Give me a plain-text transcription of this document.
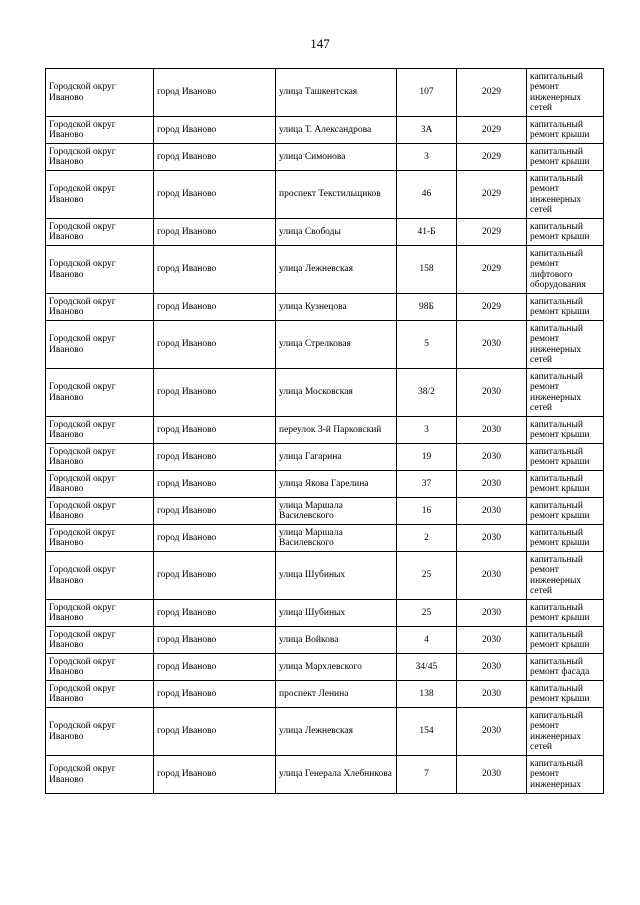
147
Городской округ Иваново	город Иваново	улица Ташкентская	107	2029	капитальный ремонт инженерных сетей
Городской округ Иваново	город Иваново	улица Т. Александрова	3А	2029	капитальный ремонт крыши
Городской округ Иваново	город Иваново	улица Симонова	3	2029	капитальный ремонт крыши
Городской округ Иваново	город Иваново	проспект Текстильщиков	46	2029	капитальный ремонт инженерных сетей
Городской округ Иваново	город Иваново	улица Свободы	41-Б	2029	капитальный ремонт крыши
Городской округ Иваново	город Иваново	улица Лежневская	158	2029	капитальный ремонт лифтового оборудования
Городской округ Иваново	город Иваново	улица Кузнецова	98Б	2029	капитальный ремонт крыши
Городской округ Иваново	город Иваново	улица Стрелковая	5	2030	капитальный ремонт инженерных сетей
Городской округ Иваново	город Иваново	улица Московская	38/2	2030	капитальный ремонт инженерных сетей
Городской округ Иваново	город Иваново	переулок 3-й Парковский	3	2030	капитальный ремонт крыши
Городской округ Иваново	город Иваново	улица Гагарина	19	2030	капитальный ремонт крыши
Городской округ Иваново	город Иваново	улица Якова Гарелина	37	2030	капитальный ремонт крыши
Городской округ Иваново	город Иваново	улица Маршала Василевского	16	2030	капитальный ремонт крыши
Городской округ Иваново	город Иваново	улица Маршала Василевского	2	2030	капитальный ремонт крыши
Городской округ Иваново	город Иваново	улица Шубиных	25	2030	капитальный ремонт инженерных сетей
Городской округ Иваново	город Иваново	улица Шубиных	25	2030	капитальный ремонт крыши
Городской округ Иваново	город Иваново	улица Войкова	4	2030	капитальный ремонт крыши
Городской округ Иваново	город Иваново	улица Мархлевского	34/45	2030	капитальный ремонт фасада
Городской округ Иваново	город Иваново	проспект Ленина	138	2030	капитальный ремонт крыши
Городской округ Иваново	город Иваново	улица Лежневская	154	2030	капитальный ремонт инженерных сетей
Городской округ Иваново	город Иваново	улица Генерала Хлебникова	7	2030	капитальный ремонт инженерных
